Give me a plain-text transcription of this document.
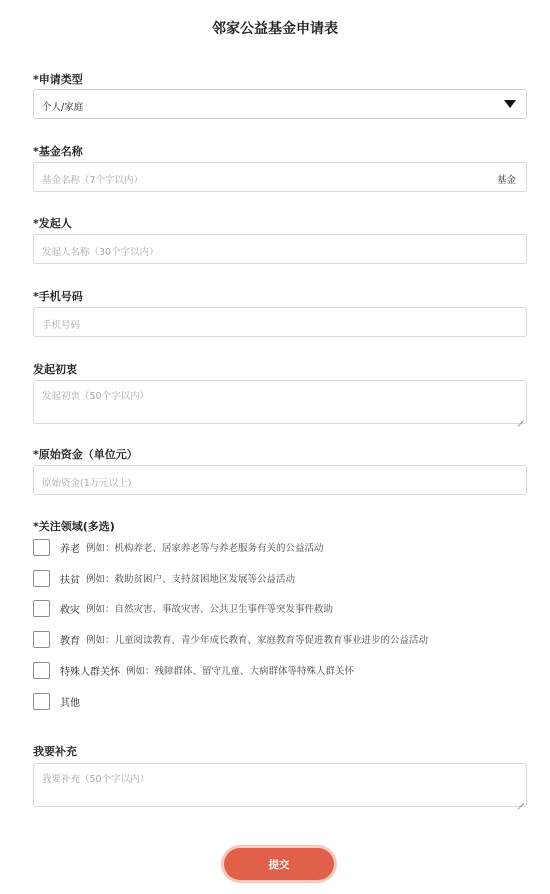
邻家公益基金申请表
*申请类型
个人/家庭
*基金名称
基金名称（7个字以内）	基金
*发起人
发起人名称（30个字以内）
*手机号码
手机号码
发起初衷
发起初衷（50个字以内）
*原始资金（单位元）
原始资金(1万元以上)
*关注领域(多选)
养老 例如：机构养老、居家养老等与养老服务有关的公益活动
扶贫 例如：救助贫困户、支持贫困地区发展等公益活动
救灾 例如：自然灾害、事故灾害、公共卫生事件等突发事件救助
教育 例如：儿童阅读教育、青少年成长教育、家庭教育等促进教育事业进步的公益活动
特殊人群关怀 例如：残障群体、留守儿童、大病群体等特殊人群关怀
其他
我要补充
我要补充（50个字以内）
提交
